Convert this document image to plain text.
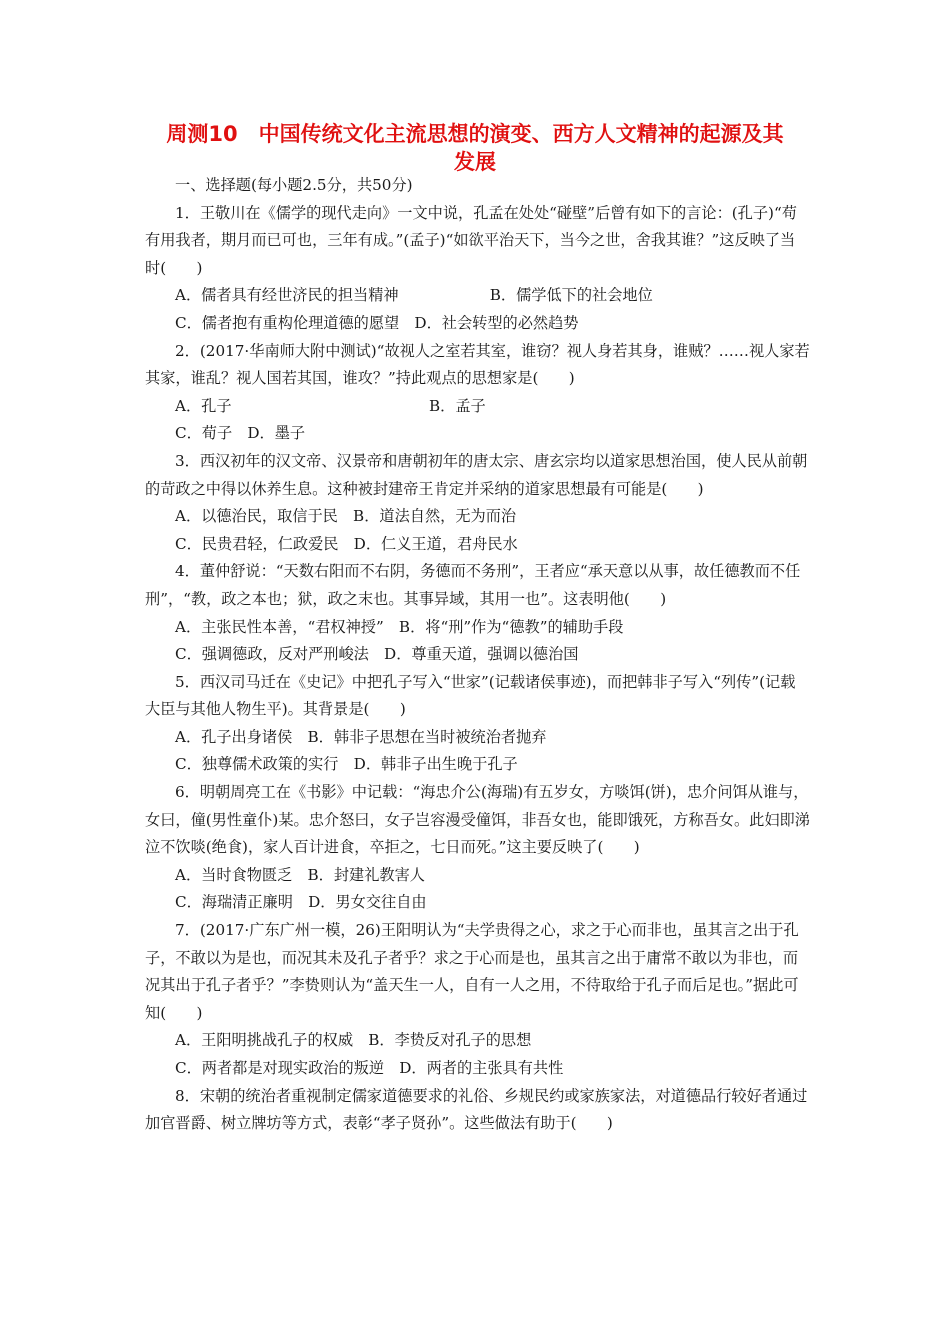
周测10　中国传统文化主流思想的演变、西方人文精神的起源及其
发展

一、选择题(每小题2.5分，共50分)

1．王敬川在《儒学的现代走向》一文中说，孔孟在处处“碰壁”后曾有如下的言论：(孔子)“苟有用我者，期月而已可也，三年有成。”(孟子)“如欲平治天下，当今之世，舍我其谁？”这反映了当时(　　)

A．儒者具有经世济民的担当精神　　　　　　B．儒学低下的社会地位

C．儒者抱有重构伦理道德的愿望　D．社会转型的必然趋势

2．(2017·华南师大附中测试)“故视人之室若其室，谁窃？视人身若其身，谁贼？……视人家若其家，谁乱？视人国若其国，谁攻？”持此观点的思想家是(　　)

A．孔子　　　　　　　　　　　　　B．孟子

C．荀子　D．墨子

3．西汉初年的汉文帝、汉景帝和唐朝初年的唐太宗、唐玄宗均以道家思想治国，使人民从前朝的苛政之中得以休养生息。这种被封建帝王肯定并采纳的道家思想最有可能是(　　)

A．以德治民，取信于民　B．道法自然，无为而治

C．民贵君轻，仁政爱民　D．仁义王道，君舟民水

4．董仲舒说：“天数右阳而不右阴，务德而不务刑”，王者应“承天意以从事，故任德教而不任刑”，“教，政之本也；狱，政之末也。其事异域，其用一也”。这表明他(　　)

A．主张民性本善，“君权神授”　B．将“刑”作为“德教”的辅助手段

C．强调德政，反对严刑峻法　D．尊重天道，强调以德治国

5．西汉司马迁在《史记》中把孔子写入“世家”(记载诸侯事迹)，而把韩非子写入“列传”(记载大臣与其他人物生平)。其背景是(　　)

A．孔子出身诸侯　B．韩非子思想在当时被统治者抛弃

C．独尊儒术政策的实行　D．韩非子出生晚于孔子

6．明朝周亮工在《书影》中记载：“海忠介公(海瑞)有五岁女，方啖饵(饼)，忠介问饵从谁与，女曰，僮(男性童仆)某。忠介怒曰，女子岂容漫受僮饵，非吾女也，能即饿死，方称吾女。此妇即涕泣不饮啖(绝食)，家人百计进食，卒拒之，七日而死。”这主要反映了(　　)

A．当时食物匮乏　B．封建礼教害人

C．海瑞清正廉明　D．男女交往自由

7．(2017·广东广州一模，26)王阳明认为“夫学贵得之心，求之于心而非也，虽其言之出于孔子，不敢以为是也，而况其未及孔子者乎？求之于心而是也，虽其言之出于庸常不敢以为非也，而况其出于孔子者乎？”李贽则认为“盖天生一人，自有一人之用，不待取给于孔子而后足也。”据此可知(　　)

A．王阳明挑战孔子的权威　B．李贽反对孔子的思想

C．两者都是对现实政治的叛逆　D．两者的主张具有共性

8．宋朝的统治者重视制定儒家道德要求的礼俗、乡规民约或家族家法，对道德品行较好者通过加官晋爵、树立牌坊等方式，表彰“孝子贤孙”。这些做法有助于(　　)
